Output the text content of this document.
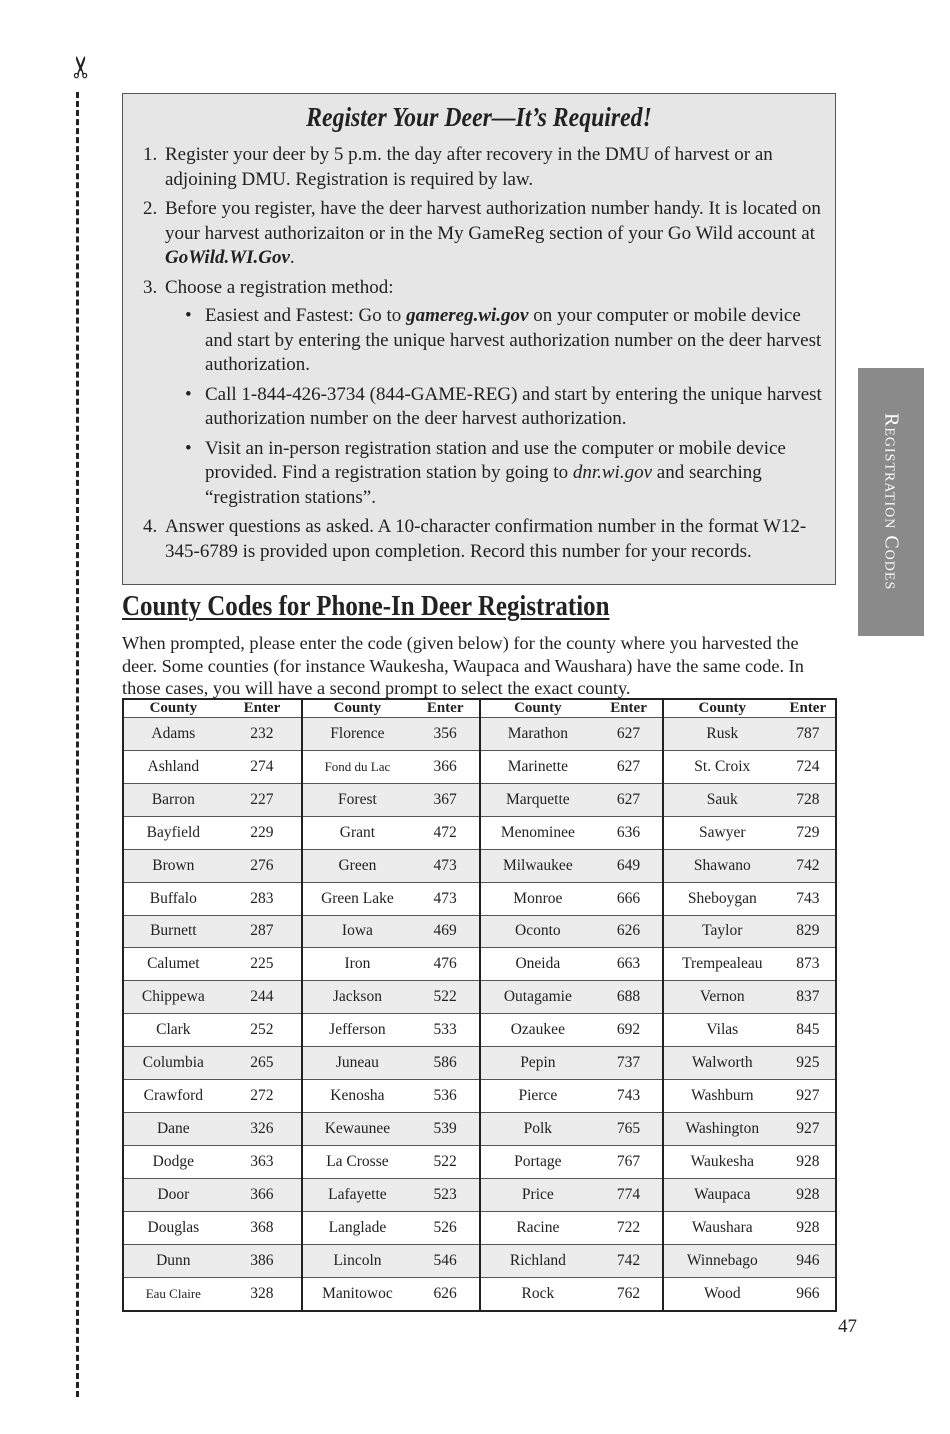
✂
Registration Codes
Register Your Deer—It’s Required!
1. Register your deer by 5 p.m. the day after recovery in the DMU of harvest or an adjoining DMU. Registration is required by law.
2. Before you register, have the deer harvest authorization number handy. It is located on your harvest authorizaiton or in the My GameReg section of your Go Wild account at GoWild.WI.Gov.
3. Choose a registration method:
• Easiest and Fastest: Go to gamereg.wi.gov on your computer or mobile device and start by entering the unique harvest authorization number on the deer harvest authorization.
• Call 1-844-426-3734 (844-GAME-REG) and start by entering the unique harvest authorization number on the deer harvest authorization.
• Visit an in-person registration station and use the computer or mobile device provided. Find a registration station by going to dnr.wi.gov and searching “registration stations”.
4. Answer questions as asked. A 10-character confirmation number in the format W12-345-6789 is provided upon completion. Record this number for your records.
County Codes for Phone-In Deer Registration

When prompted, please enter the code (given below) for the county where you harvested the deer. Some counties (for instance Waukesha, Waupaca and Waushara) have the same code. In those cases, you will have a second prompt to select the exact county.

County	Enter	County	Enter	County	Enter	County	Enter
Adams	232	Florence	356	Marathon	627	Rusk	787
Ashland	274	Fond du Lac	366	Marinette	627	St. Croix	724
Barron	227	Forest	367	Marquette	627	Sauk	728
Bayfield	229	Grant	472	Menominee	636	Sawyer	729
Brown	276	Green	473	Milwaukee	649	Shawano	742
Buffalo	283	Green Lake	473	Monroe	666	Sheboygan	743
Burnett	287	Iowa	469	Oconto	626	Taylor	829
Calumet	225	Iron	476	Oneida	663	Trempealeau	873
Chippewa	244	Jackson	522	Outagamie	688	Vernon	837
Clark	252	Jefferson	533	Ozaukee	692	Vilas	845
Columbia	265	Juneau	586	Pepin	737	Walworth	925
Crawford	272	Kenosha	536	Pierce	743	Washburn	927
Dane	326	Kewaunee	539	Polk	765	Washington	927
Dodge	363	La Crosse	522	Portage	767	Waukesha	928
Door	366	Lafayette	523	Price	774	Waupaca	928
Douglas	368	Langlade	526	Racine	722	Waushara	928
Dunn	386	Lincoln	546	Richland	742	Winnebago	946
Eau Claire	328	Manitowoc	626	Rock	762	Wood	966
47
